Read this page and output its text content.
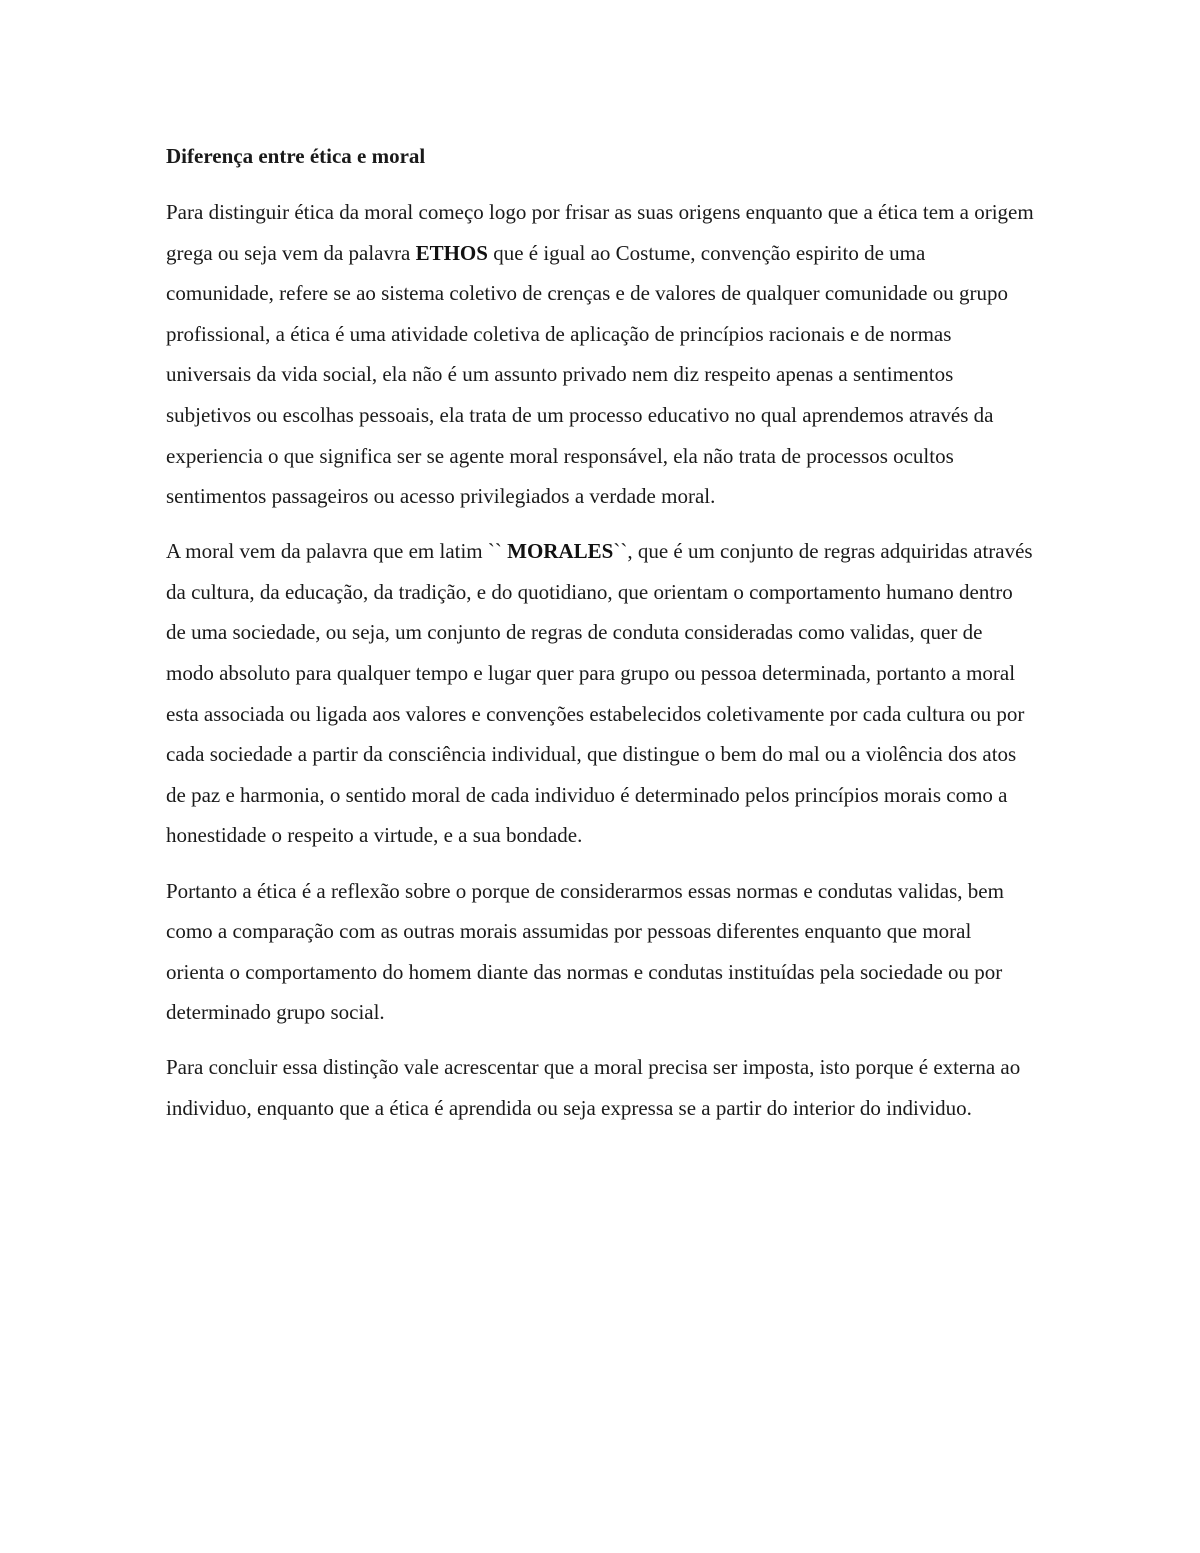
Diferença entre ética e moral

Para distinguir ética da moral começo logo por frisar as suas origens enquanto que a ética tem a origem grega ou seja vem da palavra ETHOS que é igual ao Costume, convenção espirito de uma comunidade, refere se ao sistema coletivo de crenças e de valores de qualquer comunidade ou grupo profissional, a ética é uma atividade coletiva de aplicação de princípios racionais e de normas universais da vida social, ela não é um assunto privado nem diz respeito apenas a sentimentos subjetivos ou escolhas pessoais, ela trata de um processo educativo no qual aprendemos através da experiencia o que significa ser se agente moral responsável, ela não trata de processos ocultos sentimentos passageiros ou acesso privilegiados a verdade moral.

A moral vem da palavra que em latim `` MORALES``, que é um conjunto de regras adquiridas através da cultura, da educação, da tradição, e do quotidiano, que orientam o comportamento humano dentro de uma sociedade, ou seja, um conjunto de regras de conduta consideradas como validas, quer de modo absoluto para qualquer tempo e lugar quer para grupo ou pessoa determinada, portanto a moral esta associada ou ligada aos valores e convenções estabelecidos coletivamente por cada cultura ou por cada sociedade a partir da consciência individual, que distingue o bem do mal ou a violência dos atos de paz e harmonia, o sentido moral de cada individuo é determinado pelos princípios morais como a honestidade o respeito a virtude, e a sua bondade.

Portanto a ética é a reflexão sobre o porque de considerarmos essas normas e condutas validas, bem como a comparação com as outras morais assumidas por pessoas diferentes enquanto que moral orienta o comportamento do homem diante das normas e condutas instituídas pela sociedade ou por determinado grupo social.

Para concluir essa distinção vale acrescentar que a moral precisa ser imposta, isto porque é externa ao individuo, enquanto que a ética é aprendida ou seja expressa se a partir do interior do individuo.
